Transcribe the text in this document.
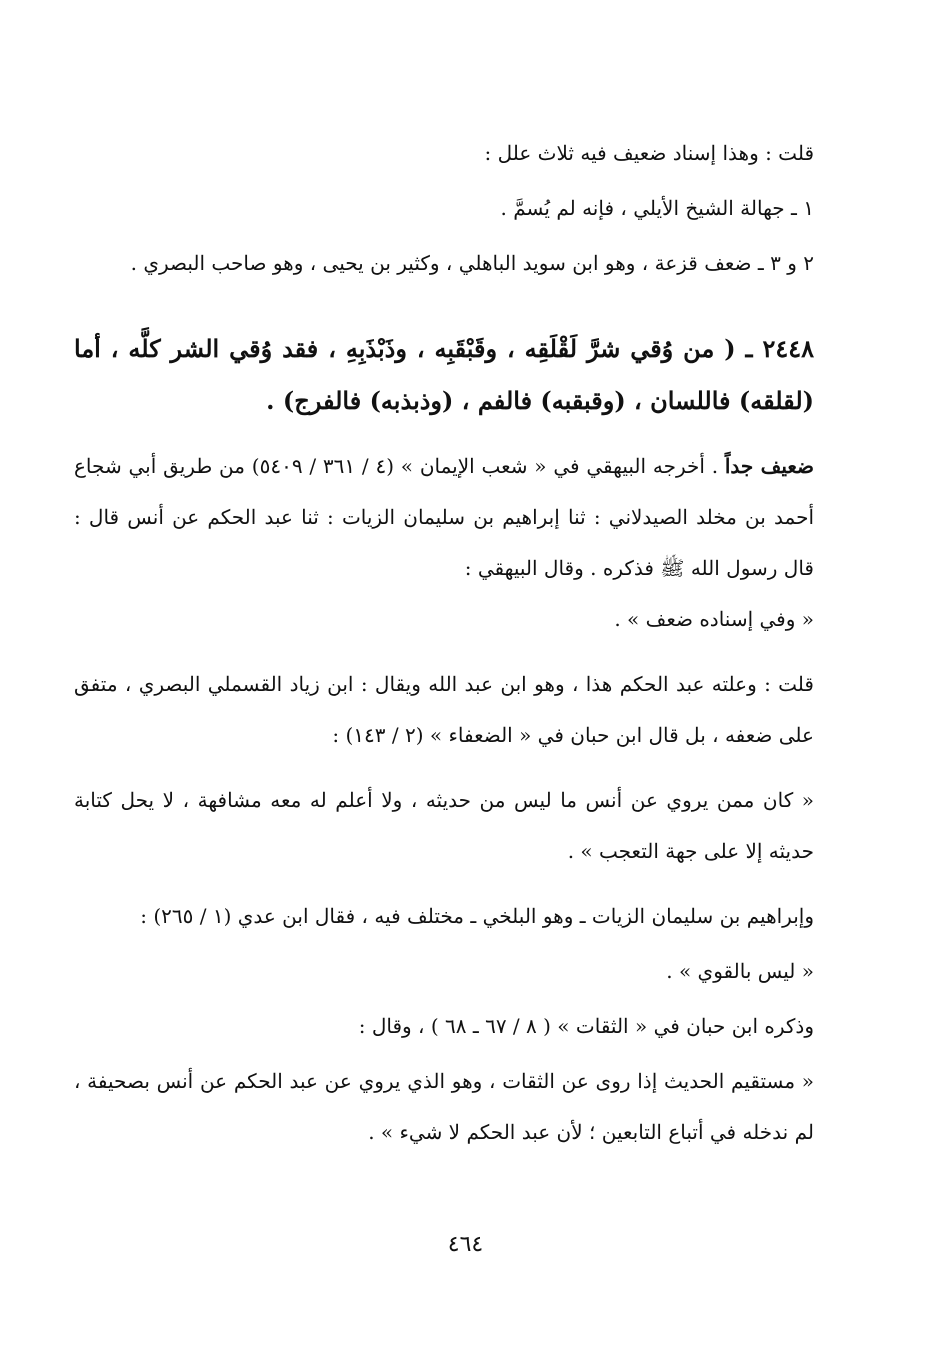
قلت : وهذا إسناد ضعيف فيه ثلاث علل :

١ ـ جهالة الشيخ الأيلي ، فإنه لم يُسمَّ .

٢ و ٣ ـ ضعف قزعة ، وهو ابن سويد الباهلي ، وكثير بن يحيى ، وهو صاحب البصري .

٢٤٤٨ ـ ( من وُقي شرَّ لَقْلَقِه ، وقَبْقَبِه ، وذَبْذَبِهِ ، فقد وُقي الشر كلَّه ، أما (لقلقه) فاللسان ، (وقبقبه) فالفم ، (وذبذبه) فالفرج) .

ضعيف جداً . أخرجه البيهقي في « شعب الإيمان » (٤ / ٣٦١ / ٥٤٠٩) من طريق أبي شجاع أحمد بن مخلد الصيدلاني : ثنا إبراهيم بن سليمان الزيات : ثنا عبد الحكم عن أنس قال : قال رسول الله ﷺ فذكره . وقال البيهقي :

« وفي إسناده ضعف » .

قلت : وعلته عبد الحكم هذا ، وهو ابن عبد الله ويقال : ابن زياد القسملي البصري ، متفق على ضعفه ، بل قال ابن حبان في « الضعفاء » (٢ / ١٤٣) :

« كان ممن يروي عن أنس ما ليس من حديثه ، ولا أعلم له معه مشافهة ، لا يحل كتابة حديثه إلا على جهة التعجب » .

وإبراهيم بن سليمان الزيات ـ وهو البلخي ـ مختلف فيه ، فقال ابن عدي (١ / ٢٦٥) :

« ليس بالقوي » .

وذكره ابن حبان في « الثقات » ( ٨ / ٦٧ ـ ٦٨ ) ، وقال :

« مستقيم الحديث إذا روى عن الثقات ، وهو الذي يروي عن عبد الحكم عن أنس بصحيفة ، لم ندخله في أتباع التابعين ؛ لأن عبد الحكم لا شيء » .

٤٦٤
